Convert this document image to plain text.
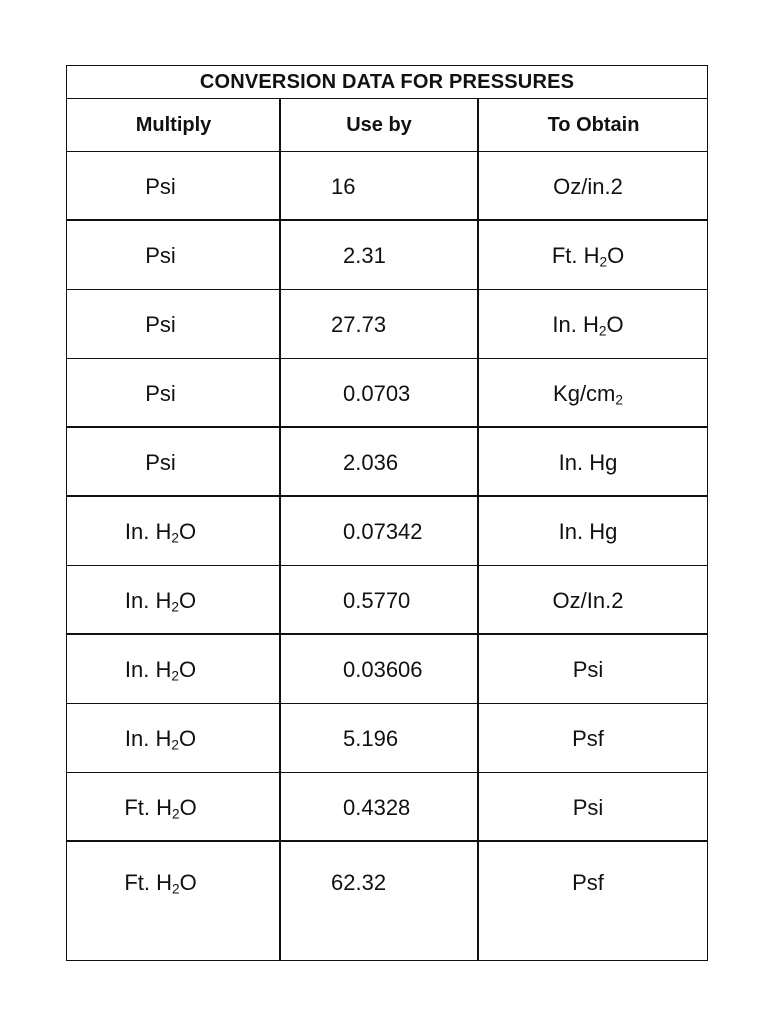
CONVERSION DATA FOR PRESSURES
Multiply	Use by	To Obtain
Psi	16	Oz/in.2
Psi	2.31	Ft. $H_2O$
Psi	27.73	In. $H_2O$
Psi	0.0703	$Kg/cm_2$
Psi	2.036	In. Hg
In. $H_2O$	0.07342	In. Hg
In. $H_2O$	0.5770	Oz/In.2
In. $H_2O$	0.03606	Psi
In. $H_2O$	5.196	Psf
Ft. $H_2O$	0.4328	Psi
Ft. $H_2O$	62.32	Psf
